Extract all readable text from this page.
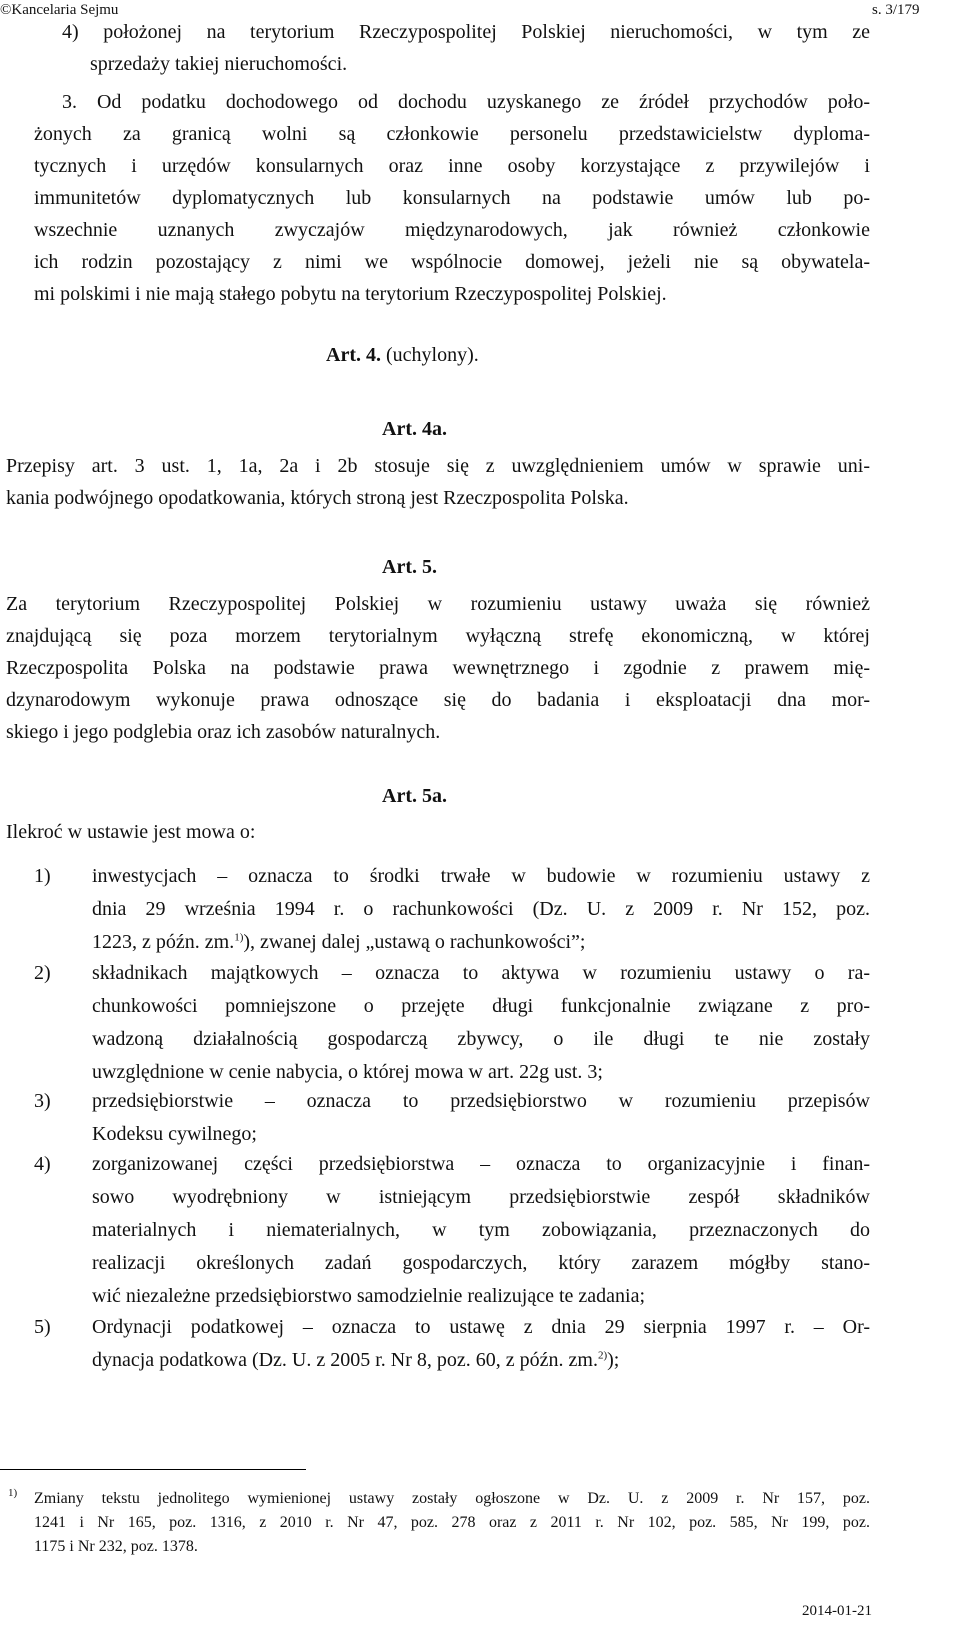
©Kancelaria Sejmu	s. 3/179
4) położonej na terytorium Rzeczypospolitej Polskiej nieruchomości, w tym ze
sprzedaży takiej nieruchomości.
3. Od podatku dochodowego od dochodu uzyskanego ze źródeł przychodów poło-
żonych za granicą wolni są członkowie personelu przedstawicielstw dyploma-
tycznych i urzędów konsularnych oraz inne osoby korzystające z przywilejów i
immunitetów dyplomatycznych lub konsularnych na podstawie umów lub po-
wszechnie uznanych zwyczajów międzynarodowych, jak również członkowie
ich rodzin pozostający z nimi we wspólnocie domowej, jeżeli nie są obywatela-
mi polskimi i nie mają stałego pobytu na terytorium Rzeczypospolitej Polskiej.
Art. 4. (uchylony).
Art. 4a.
Przepisy art. 3 ust. 1, 1a, 2a i 2b stosuje się z uwzględnieniem umów w sprawie uni-
kania podwójnego opodatkowania, których stroną jest Rzeczpospolita Polska.
Art. 5.
Za terytorium Rzeczypospolitej Polskiej w rozumieniu ustawy uważa się również
znajdującą się poza morzem terytorialnym wyłączną strefę ekonomiczną, w której
Rzeczpospolita Polska na podstawie prawa wewnętrznego i zgodnie z prawem mię-
dzynarodowym wykonuje prawa odnoszące się do badania i eksploatacji dna mor-
skiego i jego podglebia oraz ich zasobów naturalnych.
Art. 5a.
Ilekroć w ustawie jest mowa o:
1) inwestycjach – oznacza to środki trwałe w budowie w rozumieniu ustawy z
dnia 29 września 1994 r. o rachunkowości (Dz. U. z 2009 r. Nr 152, poz.
1223, z późn. zm.$^{1)}$), zwanej dalej „ustawą o rachunkowości”;
2) składnikach majątkowych – oznacza to aktywa w rozumieniu ustawy o ra-
chunkowości pomniejszone o przejęte długi funkcjonalnie związane z pro-
wadzoną działalnością gospodarczą zbywcy, o ile długi te nie zostały
uwzględnione w cenie nabycia, o której mowa w art. 22g ust. 3;
3) przedsiębiorstwie – oznacza to przedsiębiorstwo w rozumieniu przepisów
Kodeksu cywilnego;
4) zorganizowanej części przedsiębiorstwa – oznacza to organizacyjnie i finan-
sowo wyodrębniony w istniejącym przedsiębiorstwie zespół składników
materialnych i niematerialnych, w tym zobowiązania, przeznaczonych do
realizacji określonych zadań gospodarczych, który zarazem mógłby stano-
wić niezależne przedsiębiorstwo samodzielnie realizujące te zadania;
5) Ordynacji podatkowej – oznacza to ustawę z dnia 29 sierpnia 1997 r. – Or-
dynacja podatkowa (Dz. U. z 2005 r. Nr 8, poz. 60, z późn. zm.$^{2)}$);
1) Zmiany tekstu jednolitego wymienionej ustawy zostały ogłoszone w Dz. U. z 2009 r. Nr 157, poz.
1241 i Nr 165, poz. 1316, z 2010 r. Nr 47, poz. 278 oraz z 2011 r. Nr 102, poz. 585, Nr 199, poz.
1175 i Nr 232, poz. 1378.
2014-01-21
